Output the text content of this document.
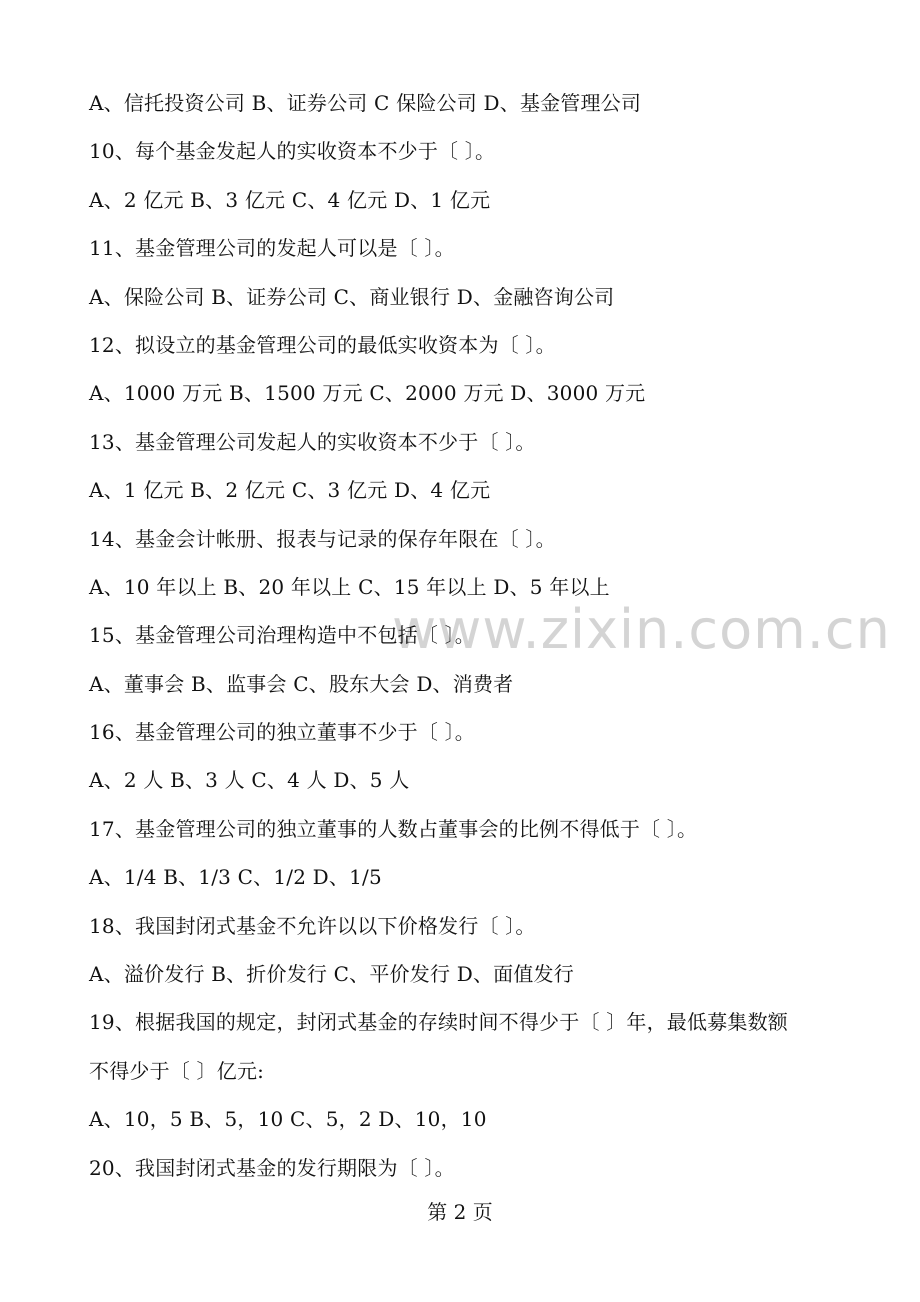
www.zixin.com.cn
A、信托投资公司 B、证券公司 C 保险公司 D、基金管理公司
10、每个基金发起人的实收资本不少于〔 〕。
A、2 亿元 B、3 亿元 C、4 亿元 D、1 亿元
11、基金管理公司的发起人可以是〔 〕。
A、保险公司 B、证券公司 C、商业银行 D、金融咨询公司
12、拟设立的基金管理公司的最低实收资本为〔 〕。
A、1000 万元 B、1500 万元 C、2000 万元 D、3000 万元
13、基金管理公司发起人的实收资本不少于〔 〕。
A、1 亿元 B、2 亿元 C、3 亿元 D、4 亿元
14、基金会计帐册、报表与记录的保存年限在〔 〕。
A、10 年以上 B、20 年以上 C、15 年以上 D、5 年以上
15、基金管理公司治理构造中不包括〔 〕。
A、董事会 B、监事会 C、股东大会 D、消费者
16、基金管理公司的独立董事不少于〔 〕。
A、2 人 B、3 人 C、4 人 D、5 人
17、基金管理公司的独立董事的人数占董事会的比例不得低于〔 〕。
A、1/4 B、1/3 C、1/2 D、1/5
18、我国封闭式基金不允许以以下价格发行〔 〕。
A、溢价发行 B、折价发行 C、平价发行 D、面值发行
19、根据我国的规定，封闭式基金的存续时间不得少于〔 〕年，最低募集数额
不得少于〔 〕亿元:
A、10，5 B、5，10 C、5，2 D、10，10
20、我国封闭式基金的发行期限为〔 〕。
第 2 页
